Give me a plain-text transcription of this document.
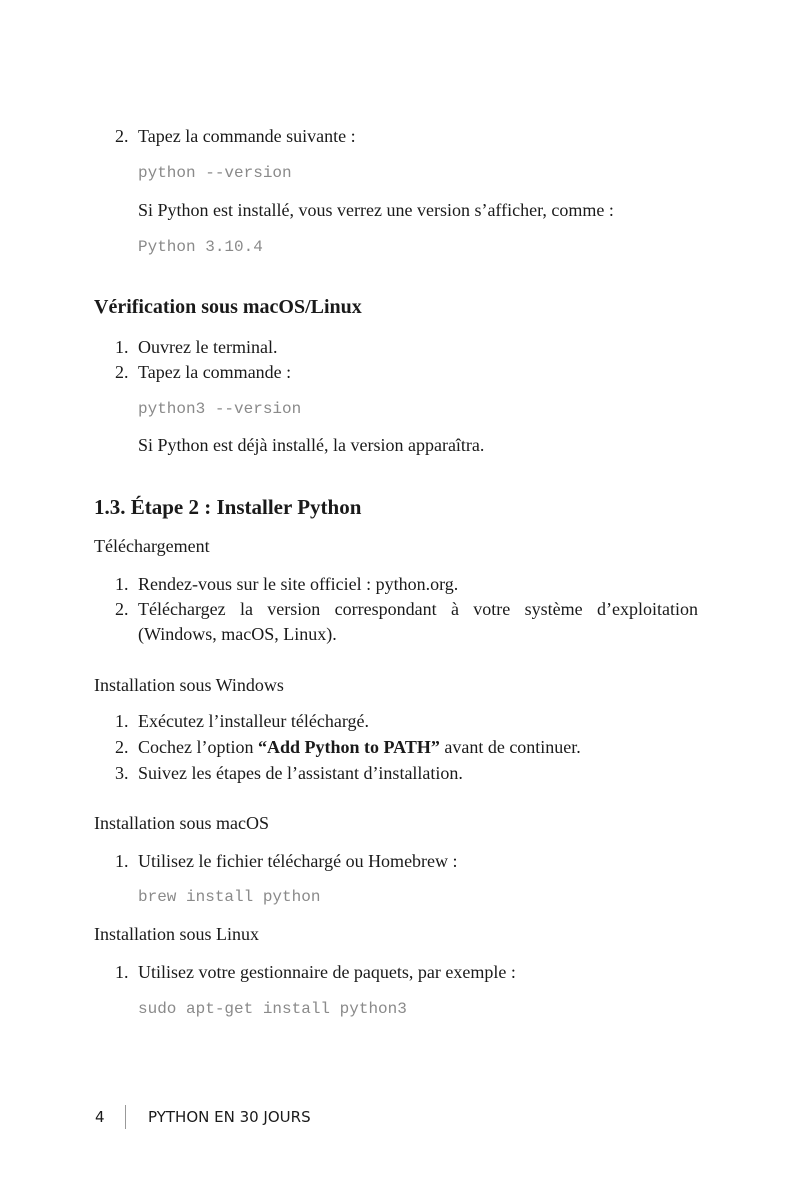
2. Tapez la commande suivante :
python --version
Si Python est installé, vous verrez une version s’afficher, comme :
Python 3.10.4
Vérification sous macOS/Linux
1. Ouvrez le terminal.
2. Tapez la commande :
python3 --version
Si Python est déjà installé, la version apparaîtra.
1.3. Étape 2 : Installer Python
Téléchargement
1. Rendez-vous sur le site officiel : python.org.
2. Téléchargez la version correspondant à votre système d’exploitation
(Windows, macOS, Linux).
Installation sous Windows
1. Exécutez l’installeur téléchargé.
2. Cochez l’option “Add Python to PATH” avant de continuer.
3. Suivez les étapes de l’assistant d’installation.
Installation sous macOS
1. Utilisez le fichier téléchargé ou Homebrew :
brew install python
Installation sous Linux
1. Utilisez votre gestionnaire de paquets, par exemple :
sudo apt-get install python3
4	PYTHON EN 30 JOURS
